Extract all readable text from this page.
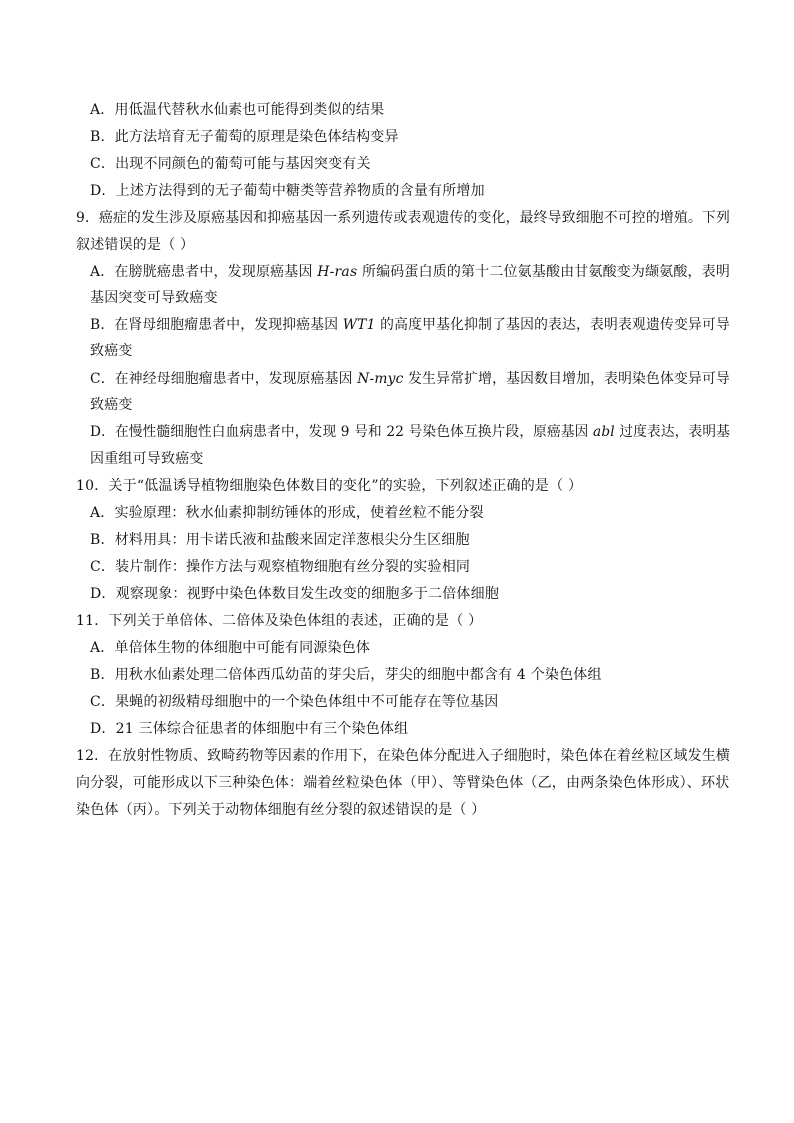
A．用低温代替秋水仙素也可能得到类似的结果
B．此方法培育无子葡萄的原理是染色体结构变异
C．出现不同颜色的葡萄可能与基因突变有关
D．上述方法得到的无子葡萄中糖类等营养物质的含量有所增加
9．癌症的发生涉及原癌基因和抑癌基因一系列遗传或表观遗传的变化，最终导致细胞不可控的增殖。下列
叙述错误的是（ ）
A．在膀胱癌患者中，发现原癌基因 H-ras 所编码蛋白质的第十二位氨基酸由甘氨酸变为缬氨酸，表明
基因突变可导致癌变
B．在肾母细胞瘤患者中，发现抑癌基因 WT1 的高度甲基化抑制了基因的表达，表明表观遗传变异可导
致癌变
C．在神经母细胞瘤患者中，发现原癌基因 N-myc 发生异常扩增，基因数目增加，表明染色体变异可导
致癌变
D．在慢性髓细胞性白血病患者中，发现 9 号和 22 号染色体互换片段，原癌基因 abl 过度表达，表明基
因重组可导致癌变
10．关于“低温诱导植物细胞染色体数目的变化”的实验，下列叙述正确的是（ ）
A．实验原理：秋水仙素抑制纺锤体的形成，使着丝粒不能分裂
B．材料用具：用卡诺氏液和盐酸来固定洋葱根尖分生区细胞
C．装片制作：操作方法与观察植物细胞有丝分裂的实验相同
D．观察现象：视野中染色体数目发生改变的细胞多于二倍体细胞
11．下列关于单倍体、二倍体及染色体组的表述，正确的是（ ）
A．单倍体生物的体细胞中可能有同源染色体
B．用秋水仙素处理二倍体西瓜幼苗的芽尖后，芽尖的细胞中都含有 4 个染色体组
C．果蝇的初级精母细胞中的一个染色体组中不可能存在等位基因
D．21 三体综合征患者的体细胞中有三个染色体组
12．在放射性物质、致畸药物等因素的作用下，在染色体分配进入子细胞时，染色体在着丝粒区域发生横
向分裂，可能形成以下三种染色体：端着丝粒染色体（甲）、等臂染色体（乙，由两条染色体形成）、环状
染色体（丙）。下列关于动物体细胞有丝分裂的叙述错误的是（ ）
